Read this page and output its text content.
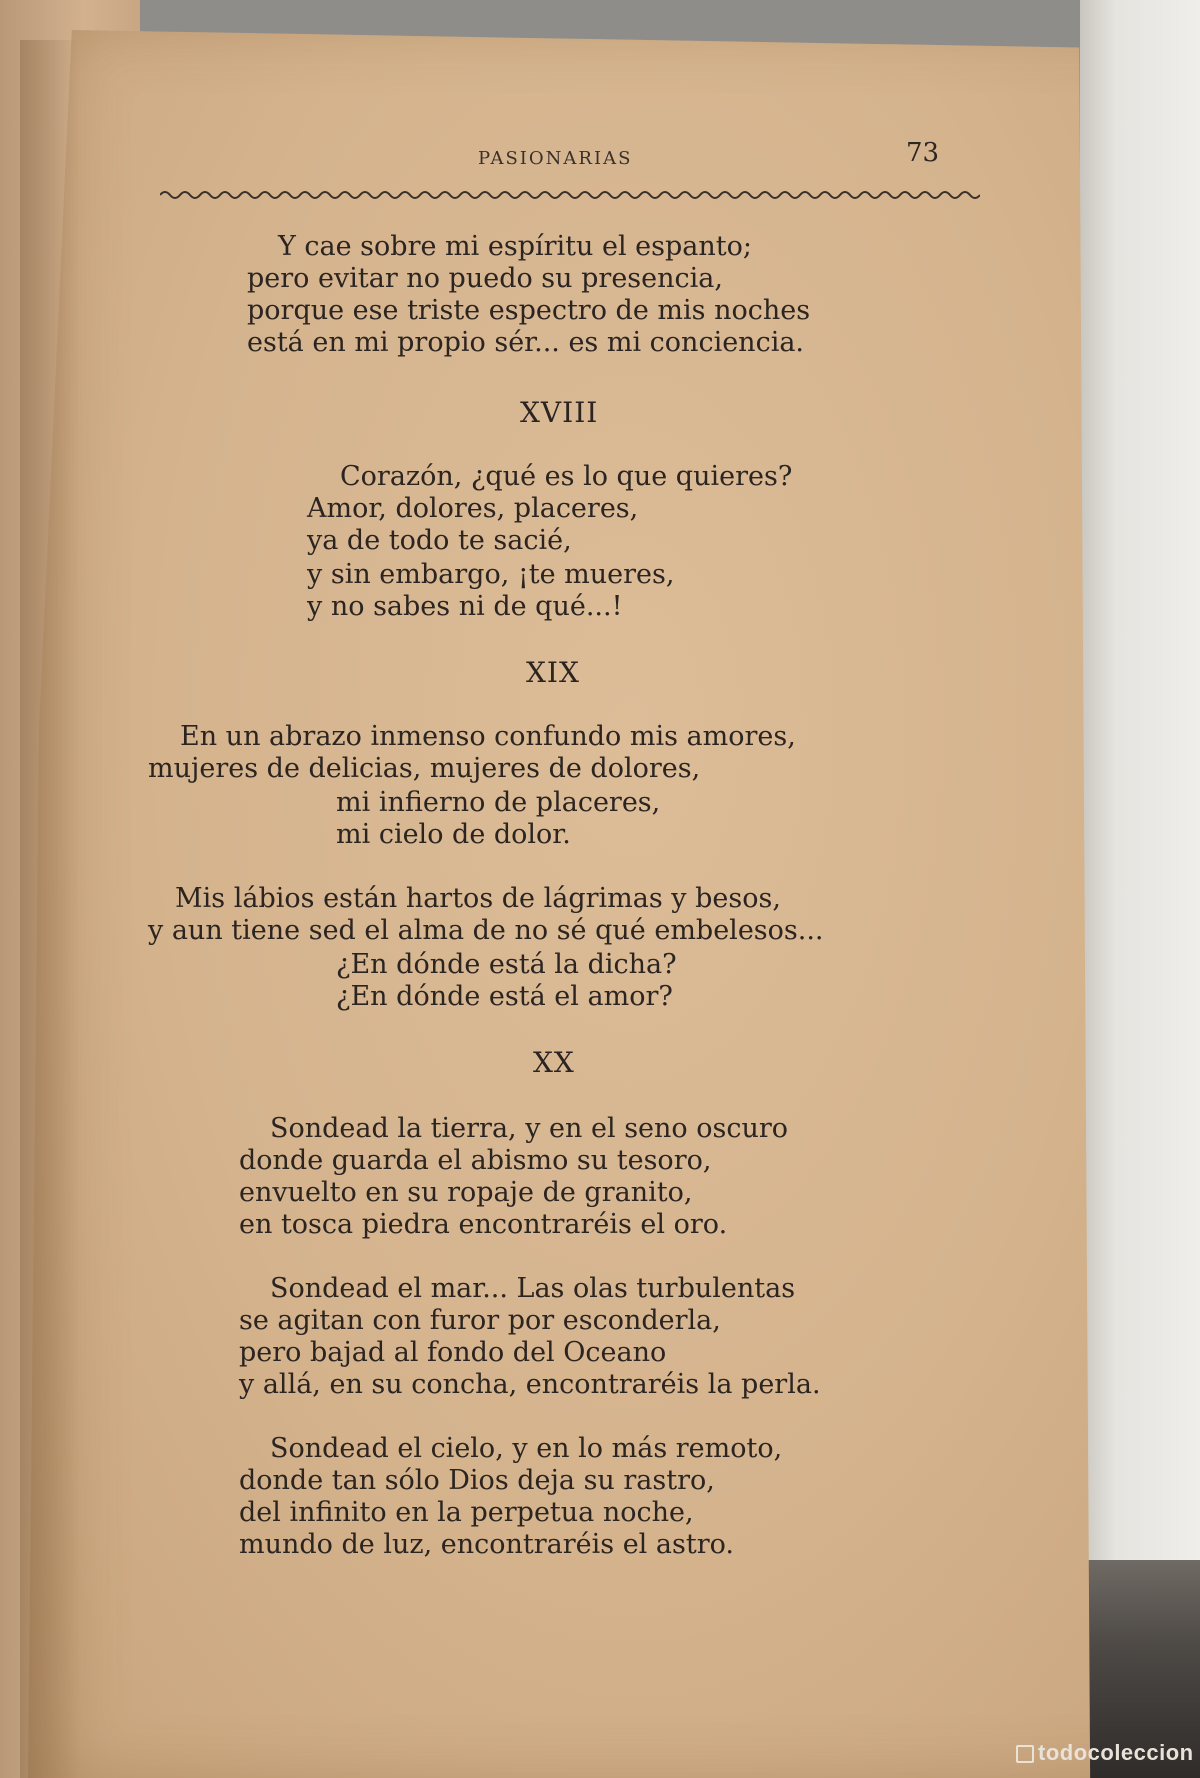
PASIONARIAS	73
Y cae sobre mi espíritu el espanto;
pero evitar no puedo su presencia,
porque ese triste espectro de mis noches
está en mi propio sér... es mi conciencia.
XVIII
Corazón, ¿qué es lo que quieres?
Amor, dolores, placeres,
ya de todo te sacié,
y sin embargo, ¡te mueres,
y no sabes ni de qué...!
XIX
En un abrazo inmenso confundo mis amores,
mujeres de delicias, mujeres de dolores,
mi infierno de placeres,
mi cielo de dolor.
Mis lábios están hartos de lágrimas y besos,
y aun tiene sed el alma de no sé qué embelesos...
¿En dónde está la dicha?
¿En dónde está el amor?
XX
Sondead la tierra, y en el seno oscuro
donde guarda el abismo su tesoro,
envuelto en su ropaje de granito,
en tosca piedra encontraréis el oro.
Sondead el mar... Las olas turbulentas
se agitan con furor por esconderla,
pero bajad al fondo del Oceano
y allá, en su concha, encontraréis la perla.
Sondead el cielo, y en lo más remoto,
donde tan sólo Dios deja su rastro,
del infinito en la perpetua noche,
mundo de luz, encontraréis el astro.
todocoleccion
